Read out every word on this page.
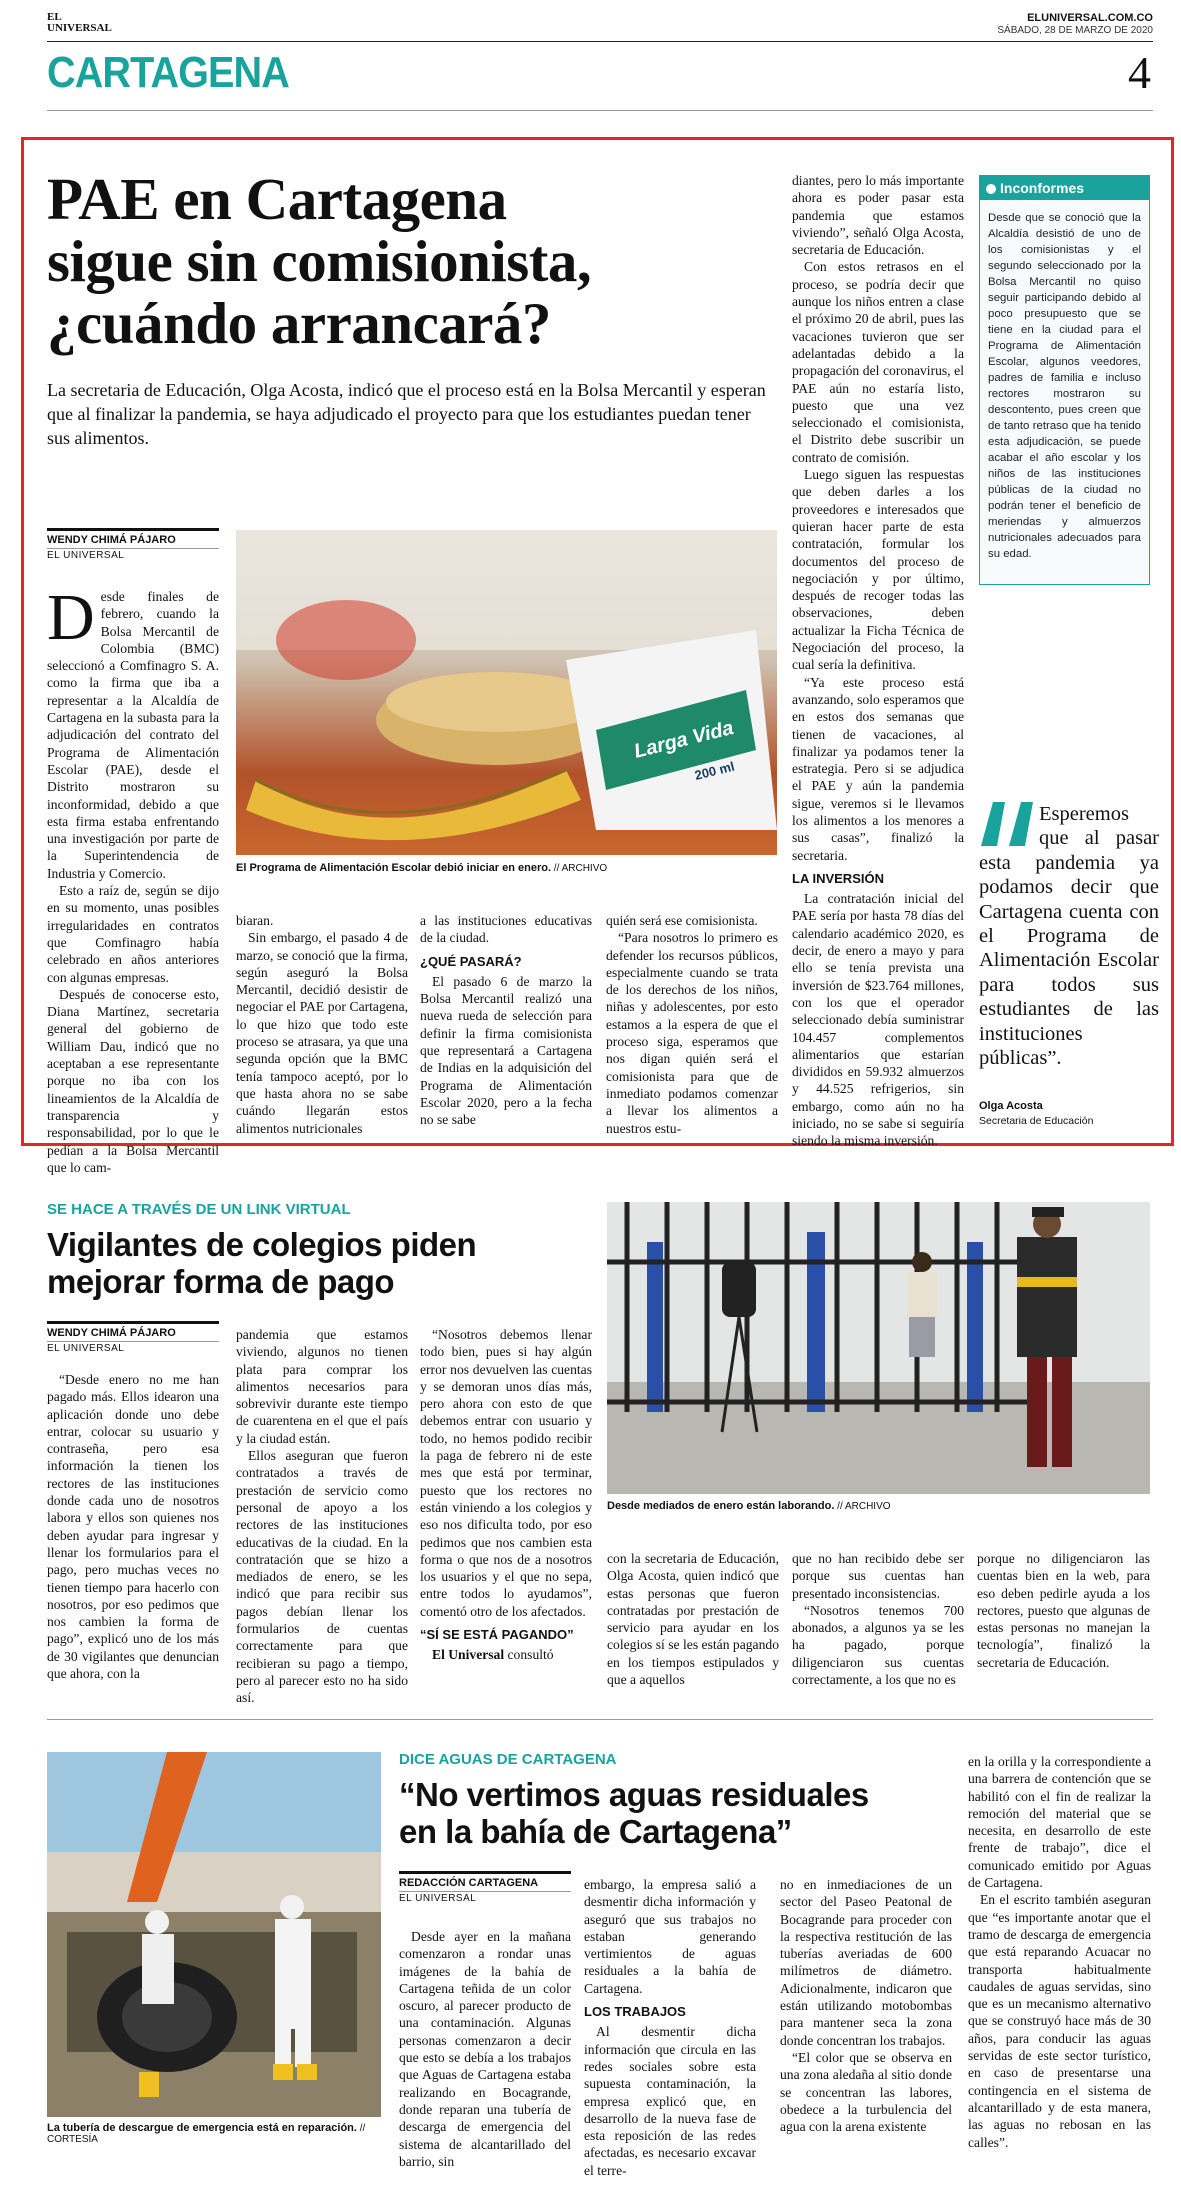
EL
UNIVERSAL
ELUNIVERSAL.COM.CO
SÁBADO, 28 DE MARZO DE 2020
CARTAGENA	4
PAE en Cartagena
sigue sin comisionista,
¿cuándo arrancará?
La secretaria de Educación, Olga Acosta, indicó que el proceso está en la Bolsa Mercantil y esperan que al finalizar la pandemia, se haya adjudicado el proyecto para que los estudiantes puedan tener sus alimentos.
WENDY CHIMÁ PÁJARO
EL UNIVERSAL

Desde finales de febrero, cuando la Bolsa Mercantil de Colombia (BMC) seleccionó a Comfinagro S. A. como la firma que iba a representar a la Alcaldía de Cartagena en la subasta para la adjudicación del contrato del Programa de Alimentación Escolar (PAE), desde el Distrito mostraron su inconformidad, debido a que esta firma estaba enfrentando una investigación por parte de la Superintendencia de Industria y Comercio.

Esto a raíz de, según se dijo en su momento, unas posibles irregularidades en contratos que Comfinagro había celebrado en años anteriores con algunas empresas.

Después de conocerse esto, Diana Martínez, secretaria general del gobierno de William Dau, indicó que no aceptaban a ese representante porque no iba con los lineamientos de la Alcaldía de transparencia y responsabilidad, por lo que le pedían a la Bolsa Mercantil que lo cam-

Larga Vida
200 ml
El Programa de Alimentación Escolar debió iniciar en enero. // ARCHIVO

biaran.

Sin embargo, el pasado 4 de marzo, se conoció que la firma, según aseguró la Bolsa Mercantil, decidió desistir de negociar el PAE por Cartagena, lo que hizo que todo este proceso se atrasara, ya que una segunda opción que la BMC tenía tampoco aceptó, por lo que hasta ahora no se sabe cuándo llegarán estos alimentos nutricionales

a las instituciones educativas de la ciudad.

¿QUÉ PASARÁ?

El pasado 6 de marzo la Bolsa Mercantil realizó una nueva rueda de selección para definir la firma comisionista que representará a Cartagena de Indias en la adquisición del Programa de Alimentación Escolar 2020, pero a la fecha no se sabe

quién será ese comisionista.

“Para nosotros lo primero es defender los recursos públicos, especialmente cuando se trata de los derechos de los niños, niñas y adolescentes, por esto estamos a la espera de que el proceso siga, esperamos que nos digan quién será el comisionista para que de inmediato podamos comenzar a llevar los alimentos a nuestros estu-

diantes, pero lo más importante ahora es poder pasar esta pandemia que estamos viviendo”, señaló Olga Acosta, secretaria de Educación.

Con estos retrasos en el proceso, se podría decir que aunque los niños entren a clase el próximo 20 de abril, pues las vacaciones tuvieron que ser adelantadas debido a la propagación del coronavirus, el PAE aún no estaría listo, puesto que una vez seleccionado el comisionista, el Distrito debe suscribir un contrato de comisión.

Luego siguen las respuestas que deben darles a los proveedores e interesados que quieran hacer parte de esta contratación, formular los documentos del proceso de negociación y por último, después de recoger todas las observaciones, deben actualizar la Ficha Técnica de Negociación del proceso, la cual sería la definitiva.

“Ya este proceso está avanzando, solo esperamos que en estos dos semanas que tienen de vacaciones, al finalizar ya podamos tener la estrategia. Pero si se adjudica el PAE y aún la pandemia sigue, veremos si le llevamos los alimentos a los menores a sus casas”, finalizó la secretaria.

LA INVERSIÓN

La contratación inicial del PAE sería por hasta 78 días del calendario académico 2020, es decir, de enero a mayo y para ello se tenía prevista una inversión de $23.764 millones, con los que el operador seleccionado debía suministrar 104.457 complementos alimentarios que estarían divididos en 59.932 almuerzos y 44.525 refrigerios, sin embargo, como aún no ha iniciado, no se sabe si seguiría siendo la misma inversión.

Inconformes
Desde que se conoció que la Alcaldía desistió de uno de los comisionistas y el segundo seleccionado por la Bolsa Mercantil no quiso seguir participando debido al poco presupuesto que se tiene en la ciudad para el Programa de Alimentación Escolar, algunos veedores, padres de familia e incluso rectores mostraron su descontento, pues creen que de tanto retraso que ha tenido esta adjudicación, se puede acabar el año escolar y los niños de las instituciones públicas de la ciudad no podrán tener el beneficio de meriendas y almuerzos nutricionales adecuados para su edad.
Esperemos que al pasar esta pandemia ya podamos decir que Cartagena cuenta con el Programa de Alimentación Escolar para todos sus estudiantes de las instituciones públicas”.
Olga Acosta
Secretaria de Educación
SE HACE A TRAVÉS DE UN LINK VIRTUAL
Vigilantes de colegios piden
mejorar forma de pago
WENDY CHIMÁ PÁJARO
EL UNIVERSAL

“Desde enero no me han pagado más. Ellos idearon una aplicación donde uno debe entrar, colocar su usuario y contraseña, pero esa información la tienen los rectores de las instituciones donde cada uno de nosotros labora y ellos son quienes nos deben ayudar para ingresar y llenar los formularios para el pago, pero muchas veces no tienen tiempo para hacerlo con nosotros, por eso pedimos que nos cambien la forma de pago”, explicó uno de los más de 30 vigilantes que denuncian que ahora, con la

pandemia que estamos viviendo, algunos no tienen plata para comprar los alimentos necesarios para sobrevivir durante este tiempo de cuarentena en el que el país y la ciudad están.

Ellos aseguran que fueron contratados a través de prestación de servicio como personal de apoyo a los rectores de las instituciones educativas de la ciudad. En la contratación que se hizo a mediados de enero, se les indicó que para recibir sus pagos debían llenar los formularios de cuentas correctamente para que recibieran su pago a tiempo, pero al parecer esto no ha sido así.

“Nosotros debemos llenar todo bien, pues si hay algún error nos devuelven las cuentas y se demoran unos días más, pero ahora con esto de que debemos entrar con usuario y todo, no hemos podido recibir la paga de febrero ni de este mes que está por terminar, puesto que los rectores no están viniendo a los colegios y eso nos dificulta todo, por eso pedimos que nos cambien esta forma o que nos de a nosotros los usuarios y el que no sepa, entre todos lo ayudamos”, comentó otro de los afectados.

“SÍ SE ESTÁ PAGANDO”

El Universal consultó

Desde mediados de enero están laborando. // ARCHIVO

con la secretaria de Educación, Olga Acosta, quien indicó que estas personas que fueron contratadas por prestación de servicio para ayudar en los colegios sí se les están pagando en los tiempos estipulados y que a aquellos

que no han recibido debe ser porque sus cuentas han presentado inconsistencias.

“Nosotros tenemos 700 abonados, a algunos ya se les ha pagado, porque diligenciaron sus cuentas correctamente, a los que no es

porque no diligenciaron las cuentas bien en la web, para eso deben pedirle ayuda a los rectores, puesto que algunas de estas personas no manejan la tecnología”, finalizó la secretaria de Educación.

La tubería de descargue de emergencia está en reparación. //
CORTESÍA
DICE AGUAS DE CARTAGENA
“No vertimos aguas residuales
en la bahía de Cartagena”
REDACCIÓN CARTAGENA
EL UNIVERSAL

Desde ayer en la mañana comenzaron a rondar unas imágenes de la bahía de Cartagena teñida de un color oscuro, al parecer producto de una contaminación. Algunas personas comenzaron a decir que esto se debía a los trabajos que Aguas de Cartagena estaba realizando en Bocagrande, donde reparan una tubería de descarga de emergencia del sistema de alcantarillado del barrio, sin

embargo, la empresa salió a desmentir dicha información y aseguró que sus trabajos no estaban generando vertimientos de aguas residuales a la bahía de Cartagena.

LOS TRABAJOS

Al desmentir dicha información que circula en las redes sociales sobre esta supuesta contaminación, la empresa explicó que, en desarrollo de la nueva fase de esta reposición de las redes afectadas, es necesario excavar el terre-

no en inmediaciones de un sector del Paseo Peatonal de Bocagrande para proceder con la respectiva restitución de las tuberías averiadas de 600 milímetros de diámetro. Adicionalmente, indicaron que están utilizando motobombas para mantener seca la zona donde concentran los trabajos.

“El color que se observa en una zona aledaña al sitio donde se concentran las labores, obedece a la turbulencia del agua con la arena existente

en la orilla y la correspondiente a una barrera de contención que se habilitó con el fin de realizar la remoción del material que se necesita, en desarrollo de este frente de trabajo”, dice el comunicado emitido por Aguas de Cartagena.

En el escrito también aseguran que “es importante anotar que el tramo de descarga de emergencia que está reparando Acuacar no transporta habitualmente caudales de aguas servidas, sino que es un mecanismo alternativo que se construyó hace más de 30 años, para conducir las aguas servidas de este sector turístico, en caso de presentarse una contingencia en el sistema de alcantarillado y de esta manera, las aguas no rebosan en las calles”.
